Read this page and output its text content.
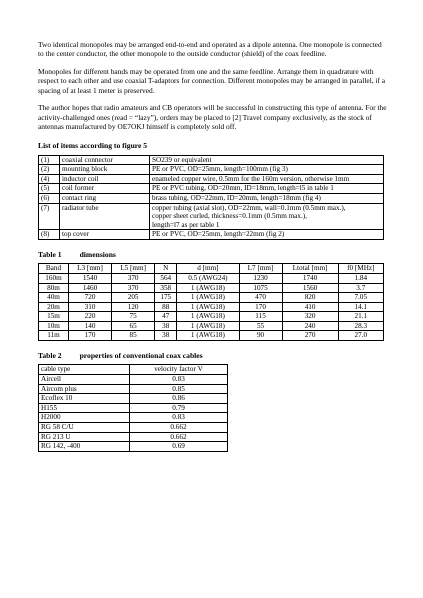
Two identical monopoles may be arranged end-to-end and operated as a dipole antenna. One monopole is connected to the center conductor, the other monopole to the outside conductor (shield) of the coax feedline.

Monopoles for different bands may be operated from one and the same feedline. Arrange them in quadrature with respect to each other and use coaxial T-adaptors for connection. Different monopoles may be arranged in parallel, if a spacing of at least 1 meter is preserved.

The author hopes that radio amateurs and CB operators will be successful in constructing this type of antenna. For the activity-challenged ones (read = “lazy”), orders may be placed to [2] Travel company exclusively, as the stock of antennas manufactured by OE7OKJ himself is completely sold off.

List of items according to figure 5
(1)	coaxial connector	SO239 or equivalent
(2)	mounting block	PE or PVC, OD=25mm, length=100mm (fig 3)
(4)	inductor coil	enameled copper wire, 0.5mm for the 160m version, otherwise 1mm
(5)	coil former	PE or PVC tubing, OD=20mm, ID=18mm, length=l5 in table 1
(6)	contact ring	brass tubing, OD=22mm, ID=20mm, length=18mm (fig 4)
(7)	radiator tube	copper tubing (axial slot), OD=22mm, wall=0.1mm (0.5mm max.),
copper sheet curled, thickness=0.1mm (0.5mm max.),
length=l7 as per table 1
(8)	top cover	PE or PVC, OD=25mm, length=22mm (fig 2)
Table 1 dimensions
Band	L3 [mm]	L5 [mm]	N	d [mm]	L7 [mm]	Ltotal [mm]	f0 [MHz]
160m	1540	370	564	0.5 (AWG24)	1230	1740	1.84
80m	1460	370	358	1 (AWG18)	1075	1560	3.7
40m	720	205	175	1 (AWG18)	470	820	7.05
20m	310	120	88	1 (AWG18)	170	410	14.1
15m	220	75	47	1 (AWG18)	115	320	21.1
10m	140	65	38	1 (AWG18)	55	240	28.3
11m	170	85	38	1 (AWG18)	90	270	27.0
Table 2 properties of conventional coax cables
cable type	velocity factor V
Aircell	0.83
Aircom plus	0.85
Ecoflex 10	0.86
H155	0.79
H2000	0.83
RG 58 C/U	0.662
RG 213 U	0.662
RG 142, -400	0.69
